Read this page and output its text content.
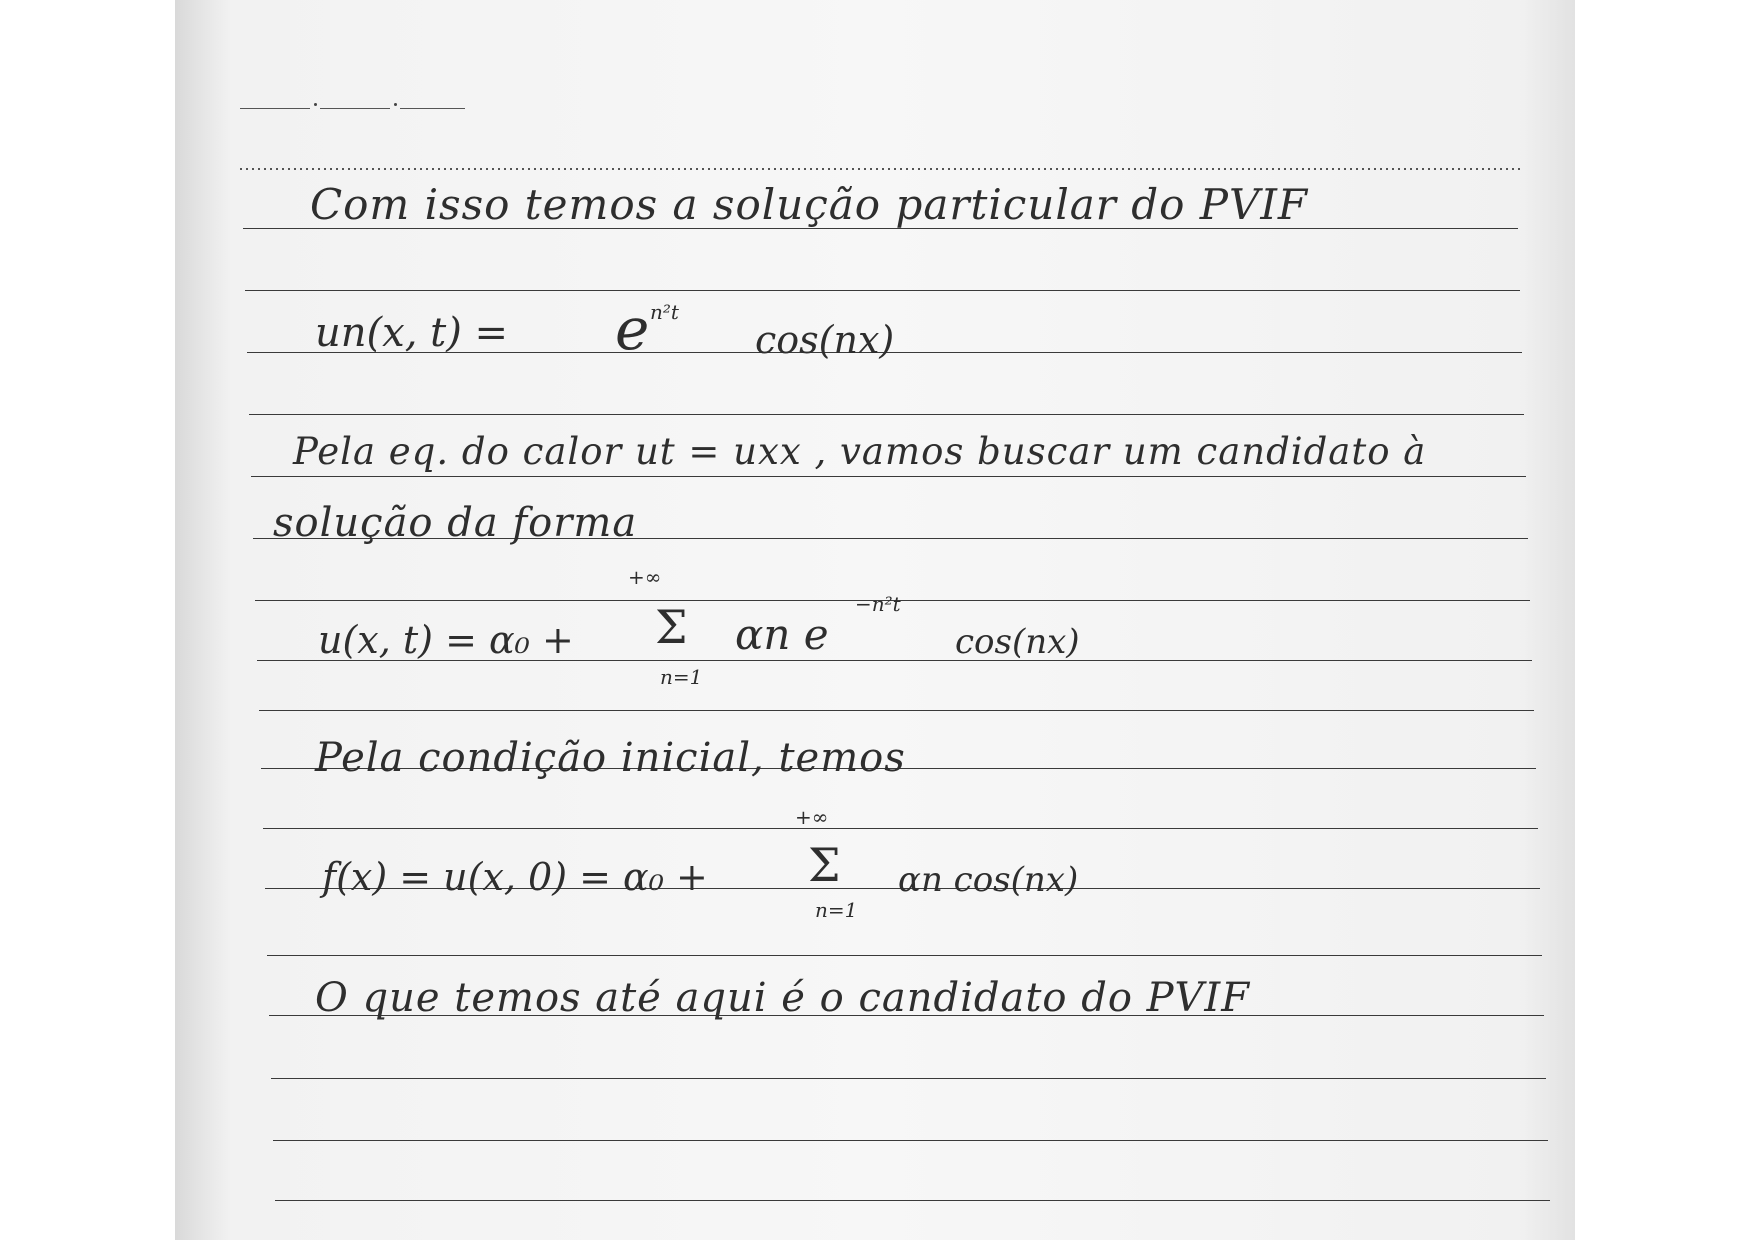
Com isso temos a solução particular do PVIF
un(x, t) = e n²t
cos(nx)
Pela eq. do calor ut = uxx , vamos buscar um candidato à
solução da forma
u(x, t) = α₀ +
+∞
Σ
n=1
αn e
−n²t
cos(nx)
Pela condição inicial, temos
f(x) = u(x, 0) = α₀ +
+∞
Σ
n=1
αn cos(nx)
O que temos até aqui é o candidato do PVIF
